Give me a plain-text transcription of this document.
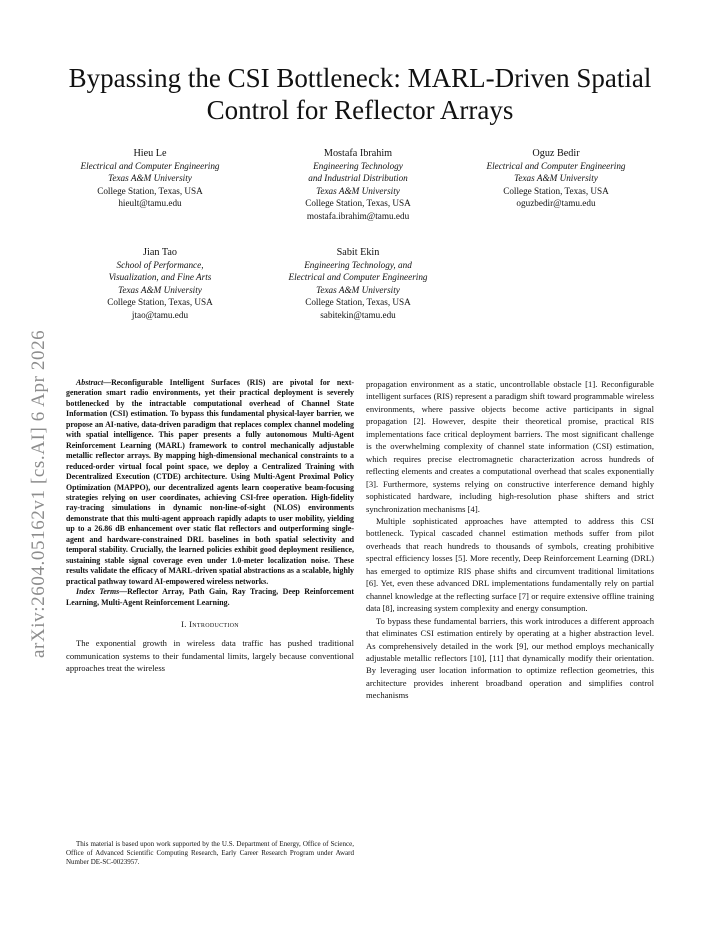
arXiv:2604.05162v1 [cs.AI] 6 Apr 2026
Bypassing the CSI Bottleneck: MARL-Driven Spatial Control for Reflector Arrays
Hieu Le
Electrical and Computer Engineering
Texas A&M University
College Station, Texas, USA
hieult@tamu.edu
Mostafa Ibrahim
Engineering Technology
and Industrial Distribution
Texas A&M University
College Station, Texas, USA
mostafa.ibrahim@tamu.edu
Oguz Bedir
Electrical and Computer Engineering
Texas A&M University
College Station, Texas, USA
oguzbedir@tamu.edu
Jian Tao
School of Performance,
Visualization, and Fine Arts
Texas A&M University
College Station, Texas, USA
jtao@tamu.edu
Sabit Ekin
Engineering Technology, and
Electrical and Computer Engineering
Texas A&M University
College Station, Texas, USA
sabitekin@tamu.edu

Abstract—Reconfigurable Intelligent Surfaces (RIS) are pivotal for next-generation smart radio environments, yet their practical deployment is severely bottlenecked by the intractable computational overhead of Channel State Information (CSI) estimation. To bypass this fundamental physical-layer barrier, we propose an AI-native, data-driven paradigm that replaces complex channel modeling with spatial intelligence. This paper presents a fully autonomous Multi-Agent Reinforcement Learning (MARL) framework to control mechanically adjustable metallic reflector arrays. By mapping high-dimensional mechanical constraints to a reduced-order virtual focal point space, we deploy a Centralized Training with Decentralized Execution (CTDE) architecture. Using Multi-Agent Proximal Policy Optimization (MAPPO), our decentralized agents learn cooperative beam-focusing strategies relying on user coordinates, achieving CSI-free operation. High-fidelity ray-tracing simulations in dynamic non-line-of-sight (NLOS) environments demonstrate that this multi-agent approach rapidly adapts to user mobility, yielding up to a 26.86 dB enhancement over static flat reflectors and outperforming single-agent and hardware-constrained DRL baselines in both spatial selectivity and temporal stability. Crucially, the learned policies exhibit good deployment resilience, sustaining stable signal coverage even under 1.0-meter localization noise. These results validate the efficacy of MARL-driven spatial abstractions as a scalable, highly practical pathway toward AI-empowered wireless networks.

Index Terms—Reflector Array, Path Gain, Ray Tracing, Deep Reinforcement Learning, Multi-Agent Reinforcement Learning.

I. Introduction

The exponential growth in wireless data traffic has pushed traditional communication systems to their fundamental limits, largely because conventional approaches treat the wireless

This material is based upon work supported by the U.S. Department of Energy, Office of Science, Office of Advanced Scientific Computing Research, Early Career Research Program under Award Number DE-SC-0023957.

propagation environment as a static, uncontrollable obstacle [1]. Reconfigurable intelligent surfaces (RIS) represent a paradigm shift toward programmable wireless environments, where passive objects become active participants in signal propagation [2]. However, despite their theoretical promise, practical RIS implementations face critical deployment barriers. The most significant challenge is the overwhelming complexity of channel state information (CSI) estimation, which requires precise electromagnetic characterization across hundreds of reflecting elements and creates a computational overhead that scales exponentially [3]. Furthermore, systems relying on constructive interference demand highly sophisticated hardware, including high-resolution phase shifters and strict synchronization mechanisms [4].

Multiple sophisticated approaches have attempted to address this CSI bottleneck. Typical cascaded channel estimation methods suffer from pilot overheads that reach hundreds to thousands of symbols, creating prohibitive spectral efficiency losses [5]. More recently, Deep Reinforcement Learning (DRL) has emerged to optimize RIS phase shifts and circumvent traditional limitations [6]. Yet, even these advanced DRL implementations fundamentally rely on partial channel knowledge at the reflecting surface [7] or require extensive offline training data [8], increasing system complexity and energy consumption.

To bypass these fundamental barriers, this work introduces a different approach that eliminates CSI estimation entirely by operating at a higher abstraction level. As comprehensively detailed in the work [9], our method employs mechanically adjustable metallic reflectors [10], [11] that dynamically modify their orientation. By leveraging user location information to optimize reflection geometries, this architecture provides inherent broadband operation and simplifies control mechanisms
